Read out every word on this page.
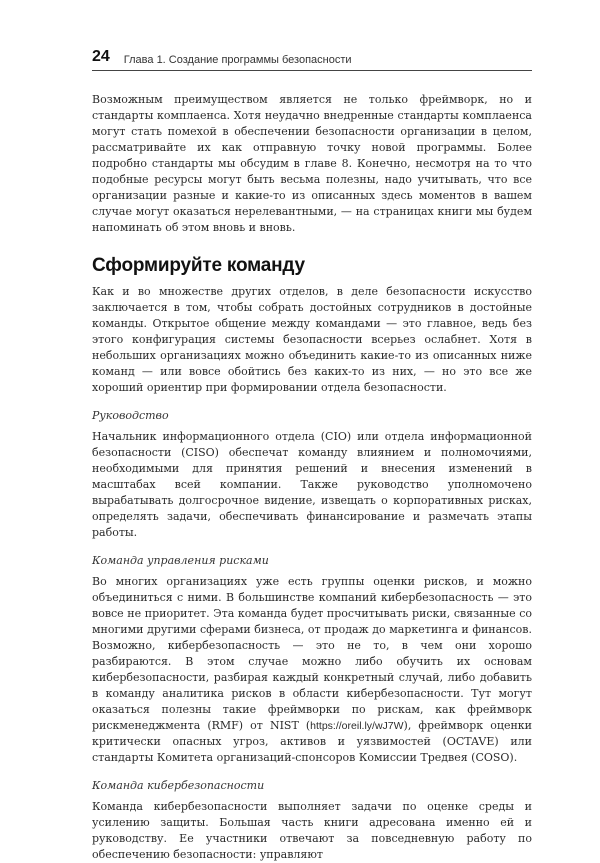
24 Глава 1. Создание программы безопасности

Возможным преимуществом является не только фреймворк, но и стандарты комплаенса. Хотя неудачно внедренные стандарты комплаенса могут стать помехой в обеспечении безопасности организации в целом, рассматривайте их как отправную точку новой программы. Более подробно стандарты мы обсудим в главе 8. Конечно, несмотря на то что подобные ресурсы могут быть весьма полезны, надо учитывать, что все организации разные и какие-то из описанных здесь моментов в вашем случае могут оказаться нерелевантными, — на страницах книги мы будем напоминать об этом вновь и вновь.

Сформируйте команду

Как и во множестве других отделов, в деле безопасности искусство заключается в том, чтобы собрать достойных сотрудников в достойные команды. Открытое общение между командами — это главное, ведь без этого конфигурация системы безопасности всерьез ослабнет. Хотя в небольших организациях можно объединить какие-то из описанных ниже команд — или вовсе обойтись без каких-то из них, — но это все же хороший ориентир при формировании отдела безопасности.

Руководство

Начальник информационного отдела (CIO) или отдела информационной безопасности (CISO) обеспечат команду влиянием и полномочиями, необходимыми для принятия решений и внесения изменений в масштабах всей компании. Также руководство уполномочено вырабатывать долгосрочное видение, извещать о корпоративных рисках, определять задачи, обеспечивать финансирование и размечать этапы работы.

Команда управления рисками

Во многих организациях уже есть группы оценки рисков, и можно объединиться с ними. В большинстве компаний кибербезопасность — это вовсе не приоритет. Эта команда будет просчитывать риски, связанные со многими другими сферами бизнеса, от продаж до маркетинга и финансов. Возможно, кибербезопасность — это не то, в чем они хорошо разбираются. В этом случае можно либо обучить их основам кибербезопасности, разбирая каждый конкретный случай, либо добавить в команду аналитика рисков в области кибербезопасности. Тут могут оказаться полезны такие фреймворки по рискам, как фреймворк рискменеджмента (RMF) от NIST (https://oreil.ly/wJ7W), фреймворк оценки критически опасных угроз, активов и уязвимостей (OCTAVE) или стандарты Комитета организаций-спонсоров Комиссии Тредвея (COSO).

Команда кибербезопасности

Команда кибербезопасности выполняет задачи по оценке среды и усилению защиты. Большая часть книги адресована именно ей и руководству. Ее участники отвечают за повседневную работу по обеспечению безопасности: управляют
